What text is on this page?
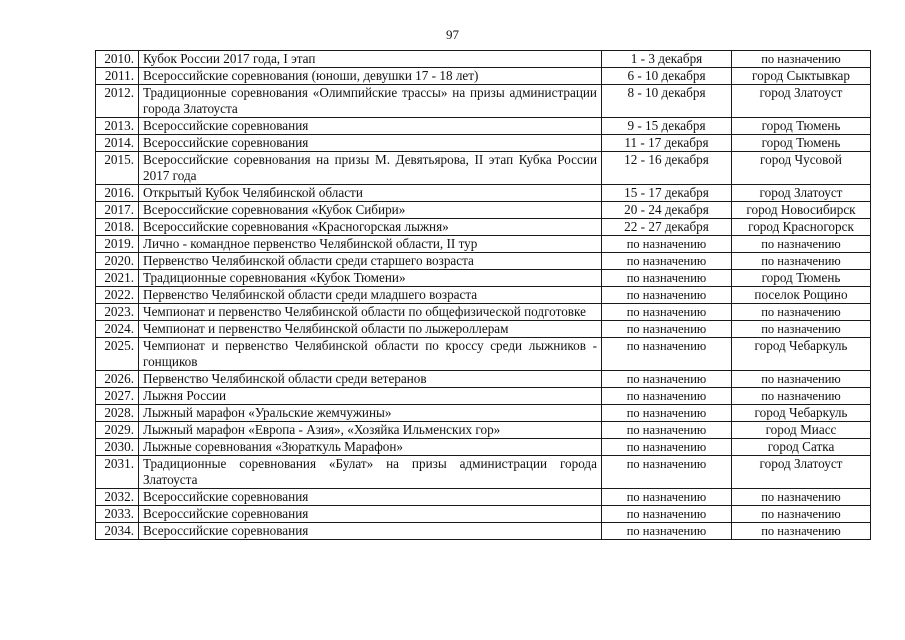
97
2010.	Кубок России 2017 года, I этап	1 - 3 декабря	по назначению
2011.	Всероссийские соревнования (юноши, девушки 17 - 18 лет)	6 - 10 декабря	город Сыктывкар
2012.	Традиционные соревнования «Олимпийские трассы» на призы администрации города Златоуста	8 - 10 декабря	город Златоуст
2013.	Всероссийские соревнования	9 - 15 декабря	город Тюмень
2014.	Всероссийские соревнования	11 - 17 декабря	город Тюмень
2015.	Всероссийские соревнования на призы М. Девятьярова, II этап Кубка России 2017 года	12 - 16 декабря	город Чусовой
2016.	Открытый Кубок Челябинской области	15 - 17 декабря	город Златоуст
2017.	Всероссийские соревнования «Кубок Сибири»	20 - 24 декабря	город Новосибирск
2018.	Всероссийские соревнования «Красногорская лыжня»	22 - 27 декабря	город Красногорск
2019.	Лично - командное первенство Челябинской области, II тур	по назначению	по назначению
2020.	Первенство Челябинской области среди старшего возраста	по назначению	по назначению
2021.	Традиционные соревнования «Кубок Тюмени»	по назначению	город Тюмень
2022.	Первенство Челябинской области среди младшего возраста	по назначению	поселок Рощино
2023.	Чемпионат и первенство Челябинской области по общефизической подготовке	по назначению	по назначению
2024.	Чемпионат и первенство Челябинской области по лыжероллерам	по назначению	по назначению
2025.	Чемпионат и первенство Челябинской области по кроссу среди лыжников - гонщиков	по назначению	город Чебаркуль
2026.	Первенство Челябинской области среди ветеранов	по назначению	по назначению
2027.	Лыжня России	по назначению	по назначению
2028.	Лыжный марафон «Уральские жемчужины»	по назначению	город Чебаркуль
2029.	Лыжный марафон «Европа - Азия», «Хозяйка Ильменских гор»	по назначению	город Миасс
2030.	Лыжные соревнования «Зюраткуль Марафон»	по назначению	город Сатка
2031.	Традиционные соревнования «Булат» на призы администрации города Златоуста	по назначению	город Златоуст
2032.	Всероссийские соревнования	по назначению	по назначению
2033.	Всероссийские соревнования	по назначению	по назначению
2034.	Всероссийские соревнования	по назначению	по назначению
